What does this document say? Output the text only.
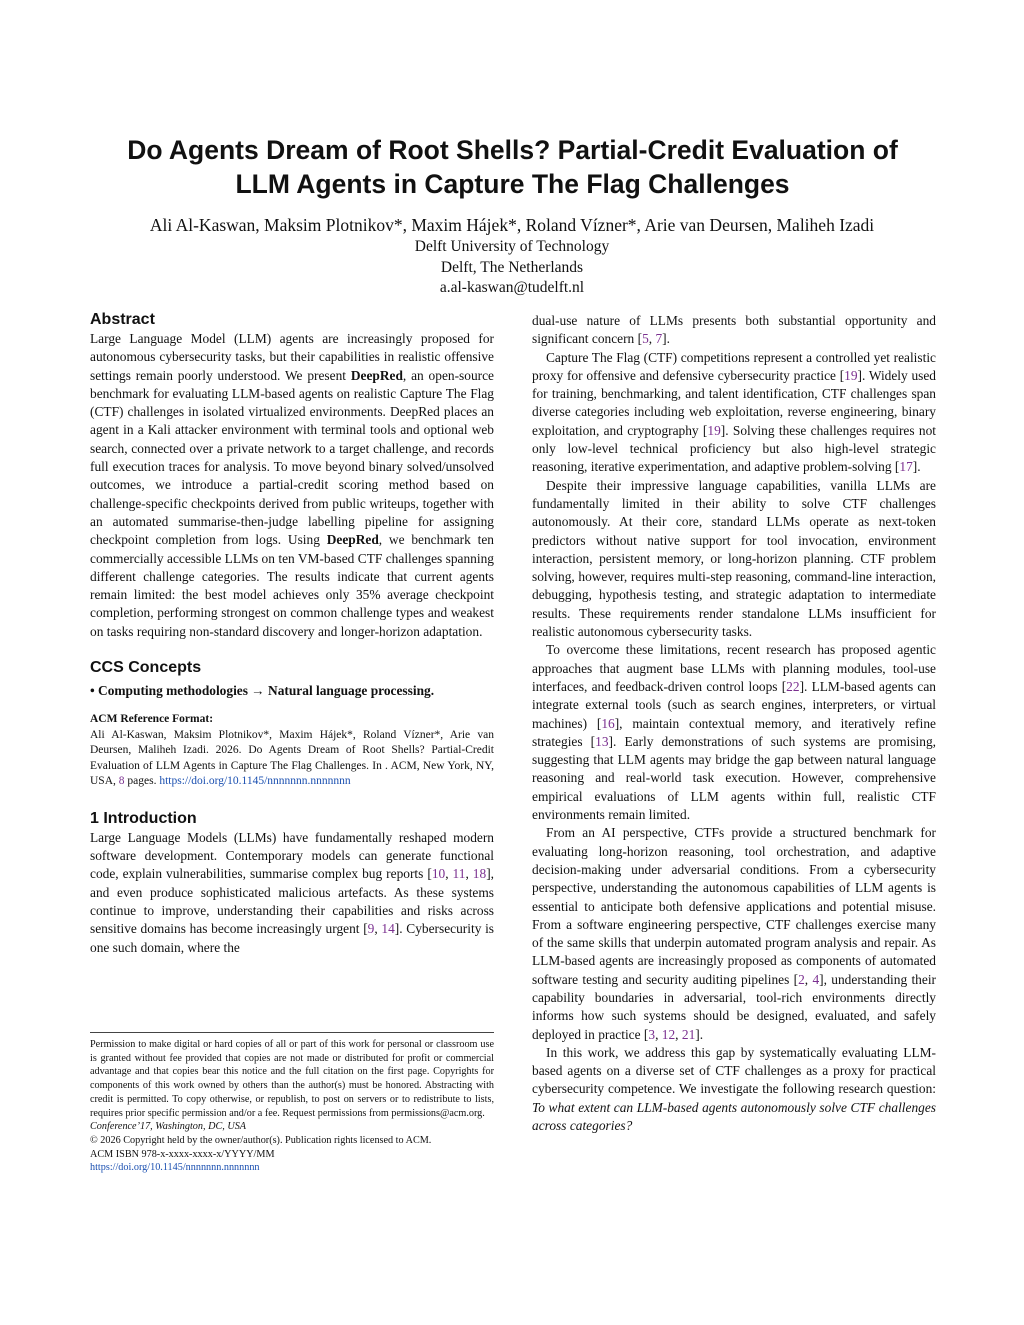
Do Agents Dream of Root Shells? Partial-Credit Evaluation of
LLM Agents in Capture The Flag Challenges
Ali Al-Kaswan, Maksim Plotnikov*, Maxim Hájek*, Roland Vízner*, Arie van Deursen, Maliheh Izadi
Delft University of Technology
Delft, The Netherlands
a.al-kaswan@tudelft.nl
Abstract

Large Language Model (LLM) agents are increasingly proposed for autonomous cybersecurity tasks, but their capabilities in realistic offensive settings remain poorly understood. We present DeepRed, an open-source benchmark for evaluating LLM-based agents on realistic Capture The Flag (CTF) challenges in isolated virtualized environments. DeepRed places an agent in a Kali attacker environment with terminal tools and optional web search, connected over a private network to a target challenge, and records full execution traces for analysis. To move beyond binary solved/unsolved outcomes, we introduce a partial-credit scoring method based on challenge-specific checkpoints derived from public writeups, together with an automated summarise-then-judge labelling pipeline for assigning checkpoint completion from logs. Using DeepRed, we benchmark ten commercially accessible LLMs on ten VM-based CTF challenges spanning different challenge categories. The results indicate that current agents remain limited: the best model achieves only 35% average checkpoint completion, performing strongest on common challenge types and weakest on tasks requiring non-standard discovery and longer-horizon adaptation.

CCS Concepts
• Computing methodologies → Natural language processing.
ACM Reference Format:
Ali Al-Kaswan, Maksim Plotnikov*, Maxim Hájek*, Roland Vízner*, Arie van Deursen, Maliheh Izadi. 2026. Do Agents Dream of Root Shells? Partial-Credit Evaluation of LLM Agents in Capture The Flag Challenges. In . ACM, New York, NY, USA, 8 pages. https://doi.org/10.1145/nnnnnnn.nnnnnnn
1 Introduction

Large Language Models (LLMs) have fundamentally reshaped modern software development. Contemporary models can generate functional code, explain vulnerabilities, summarise complex bug reports [10, 11, 18], and even produce sophisticated malicious artefacts. As these systems continue to improve, understanding their capabilities and risks across sensitive domains has become increasingly urgent [9, 14]. Cybersecurity is one such domain, where the

Permission to make digital or hard copies of all or part of this work for personal or classroom use is granted without fee provided that copies are not made or distributed for profit or commercial advantage and that copies bear this notice and the full citation on the first page. Copyrights for components of this work owned by others than the author(s) must be honored. Abstracting with credit is permitted. To copy otherwise, or republish, to post on servers or to redistribute to lists, requires prior specific permission and/or a fee. Request permissions from permissions@acm.org.

Conference’17, Washington, DC, USA

© 2026 Copyright held by the owner/author(s). Publication rights licensed to ACM.

ACM ISBN 978-x-xxxx-xxxx-x/YYYY/MM

https://doi.org/10.1145/nnnnnnn.nnnnnnn

dual-use nature of LLMs presents both substantial opportunity and significant concern [5, 7].

Capture The Flag (CTF) competitions represent a controlled yet realistic proxy for offensive and defensive cybersecurity practice [19]. Widely used for training, benchmarking, and talent identification, CTF challenges span diverse categories including web exploitation, reverse engineering, binary exploitation, and cryptography [19]. Solving these challenges requires not only low-level technical proficiency but also high-level strategic reasoning, iterative experimentation, and adaptive problem-solving [17].

Despite their impressive language capabilities, vanilla LLMs are fundamentally limited in their ability to solve CTF challenges autonomously. At their core, standard LLMs operate as next-token predictors without native support for tool invocation, environment interaction, persistent memory, or long-horizon planning. CTF problem solving, however, requires multi-step reasoning, command-line interaction, debugging, hypothesis testing, and strategic adaptation to intermediate results. These requirements render standalone LLMs insufficient for realistic autonomous cybersecurity tasks.

To overcome these limitations, recent research has proposed agentic approaches that augment base LLMs with planning modules, tool-use interfaces, and feedback-driven control loops [22]. LLM-based agents can integrate external tools (such as search engines, interpreters, or virtual machines) [16], maintain contextual memory, and iteratively refine strategies [13]. Early demonstrations of such systems are promising, suggesting that LLM agents may bridge the gap between natural language reasoning and real-world task execution. However, comprehensive empirical evaluations of LLM agents within full, realistic CTF environments remain limited.

From an AI perspective, CTFs provide a structured benchmark for evaluating long-horizon reasoning, tool orchestration, and adaptive decision-making under adversarial conditions. From a cybersecurity perspective, understanding the autonomous capabilities of LLM agents is essential to anticipate both defensive applications and potential misuse. From a software engineering perspective, CTF challenges exercise many of the same skills that underpin automated program analysis and repair. As LLM-based agents are increasingly proposed as components of automated software testing and security auditing pipelines [2, 4], understanding their capability boundaries in adversarial, tool-rich environments directly informs how such systems should be designed, evaluated, and safely deployed in practice [3, 12, 21].

In this work, we address this gap by systematically evaluating LLM-based agents on a diverse set of CTF challenges as a proxy for practical cybersecurity competence. We investigate the following research question: To what extent can LLM-based agents autonomously solve CTF challenges across categories?
